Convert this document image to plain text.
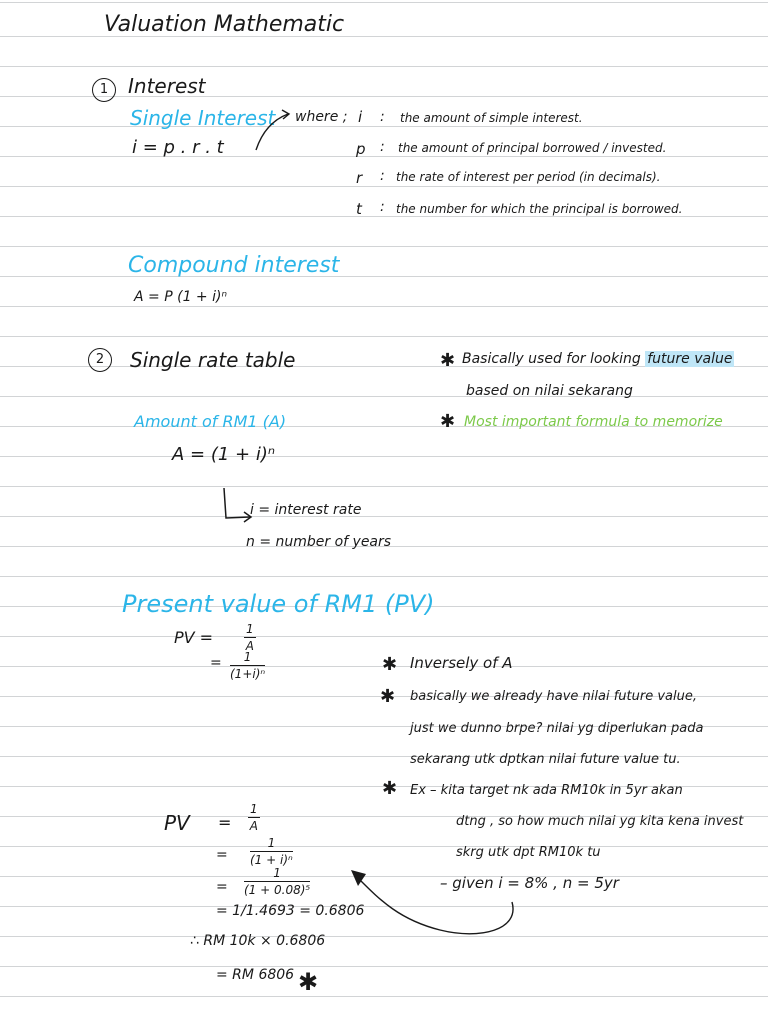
Valuation Mathematic
1 Interest
Single Interest
i = p . r . t
where ; i : the amount of simple interest.
p : the amount of principal borrowed / invested.
r : the rate of interest per period (in decimals).
t : the number for which the principal is borrowed.
Compound interest
A = P (1 + i)ⁿ
2	Single rate table	✱ Basically used for looking future value
based on nilai sekarang
✱ Most important formula to memorize
Amount of RM1 (A)
A = (1 + i)ⁿ
i = interest rate
n = number of years
Present value of RM1 (PV)
PV =	$\frac{1}{A}$
= $\frac{1}{\text{(1+i)ⁿ}}$	✱ Inversely of A
✱ basically we already have nilai future value,
just we dunno brpe? nilai yg diperlukan pada
sekarang utk dptkan nilai future value tu.
✱ Ex – kita target nk ada RM10k in 5yr akan
dtng , so how much nilai yg kita kena invest
skrg utk dpt RM10k tu
– given i = 8% , n = 5yr
PV = $\frac{1}{A}$
= $\frac{1}{\text{(1 + i)ⁿ}}$
= $\frac{1}{\text{(1 + 0.08)⁵}}$
= 1/1.4693 = 0.6806
∴ RM 10k × 0.6806
= RM 6806 ✱
